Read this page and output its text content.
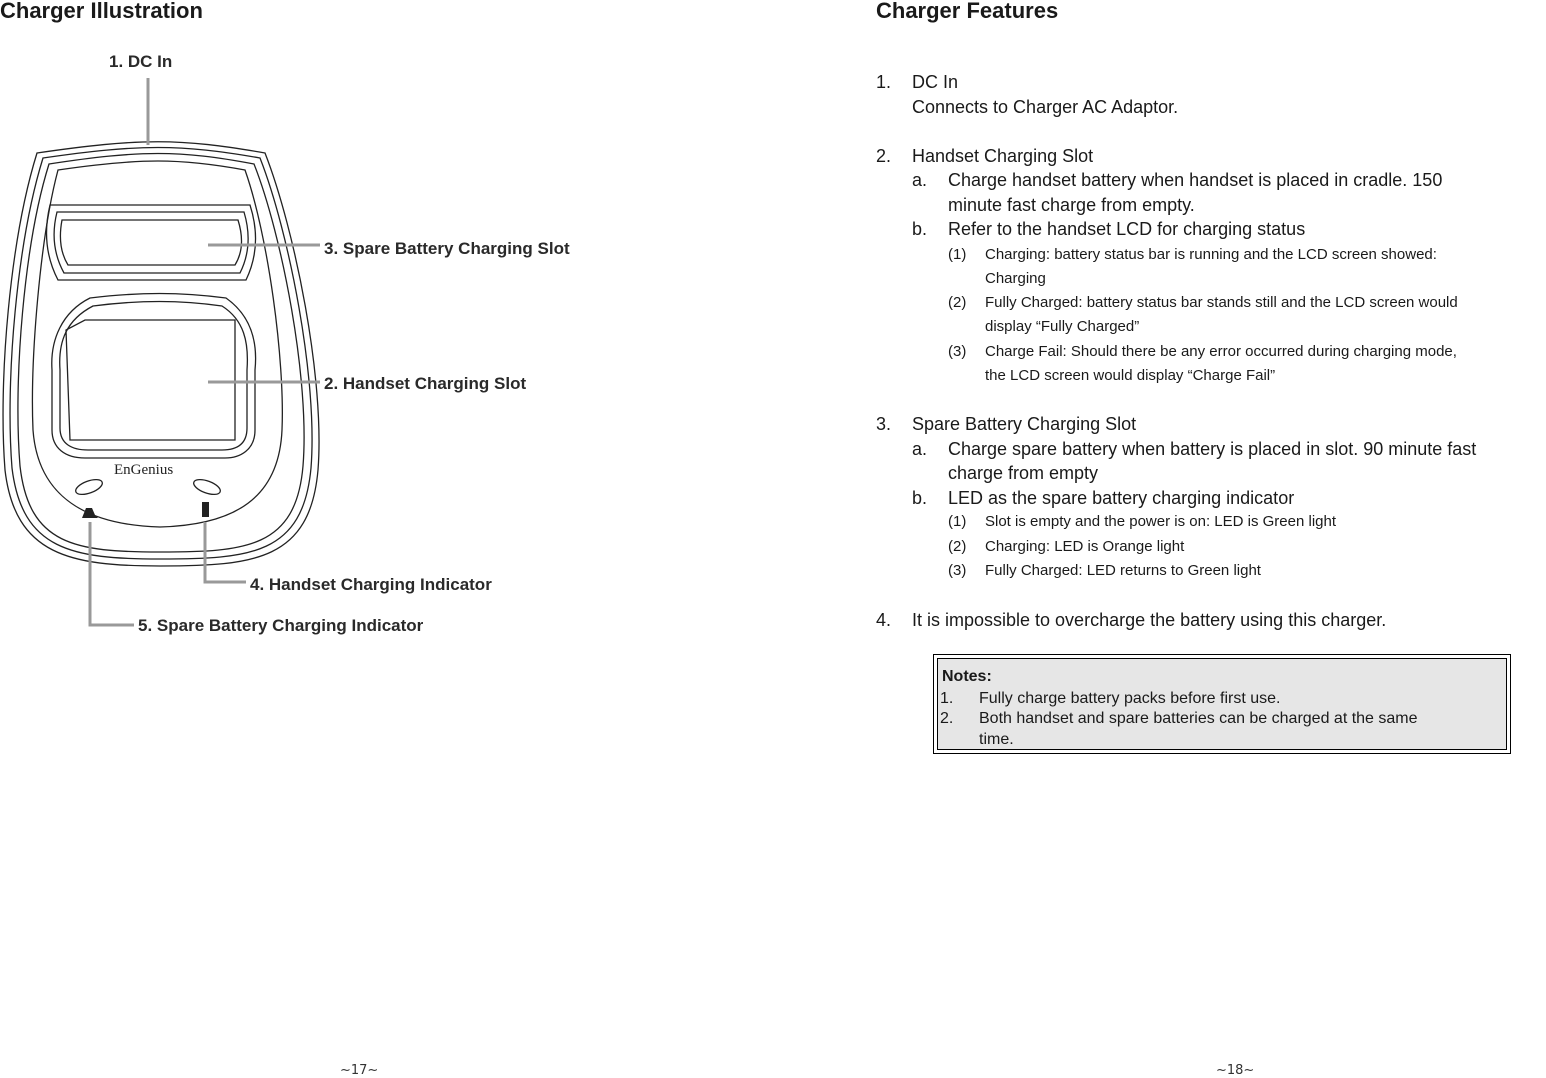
Charger Illustration
1. DC In
3. Spare Battery Charging Slot
2. Handset Charging Slot
4. Handset Charging Indicator
5. Spare Battery Charging Indicator
EnGenius
~17~
Charger Features
1. DC In
Connects to Charger AC Adaptor.
2. Handset Charging Slot
a. Charge handset battery when handset is placed in cradle. 150
minute fast charge from empty.
b. Refer to the handset LCD for charging status
(1) Charging: battery status bar is running and the LCD screen showed:
Charging
(2) Fully Charged: battery status bar stands still and the LCD screen would
display “Fully Charged”
(3) Charge Fail: Should there be any error occurred during charging mode,
the LCD screen would display “Charge Fail”
3. Spare Battery Charging Slot
a. Charge spare battery when battery is placed in slot. 90 minute fast
charge from empty
b. LED as the spare battery charging indicator
(1) Slot is empty and the power is on: LED is Green light
(2) Charging: LED is Orange light
(3) Fully Charged: LED returns to Green light
4. It is impossible to overcharge the battery using this charger.
Notes:
1. Fully charge battery packs before first use.
2. Both handset and spare batteries can be charged at the same
time.
~18~
